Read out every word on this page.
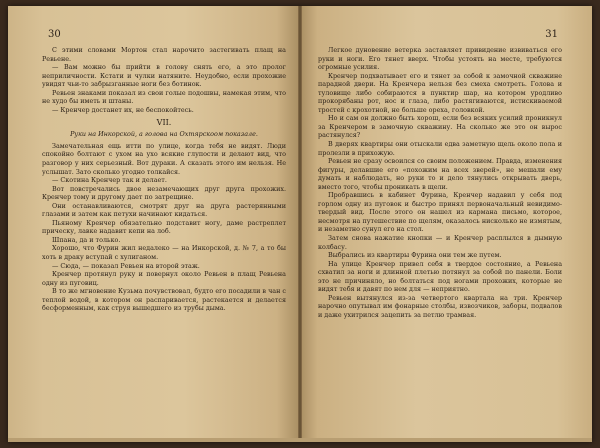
30

С этими словами Мортон стал нарочито застегивать плащ на Ревьене.

— Вам можно бы прийти в голову снять его, а это пролог неприличности. Кстати и чулки натяните. Неудобно, если прохожие увидят чьи-то забрызганные ноги без ботинок.

Ревьен знаками показал из свои голые подошвы, намекая этим, что не худо бы иметь и штаны.

— Кренчер достанет их, не беспокойтесь.

VII.

Руки на Инкорской, а голова на Охтярскоом показале.

Замечательная ещь итти по улице, когда тебя не видят. Люди спокойно болтают с ухом на ухо всякие глупости и делают вид, что разговор у них серьезный. Вот дураки. А сказать этого им нельзя. Не услышат. Зато сколько угодно толкайся.

— Скотина Кренчер так и делает.

Вот повстречались двое незамечающих друг друга прохожих. Кренчер тому и другому дает по затрещине.

Они останавливаются, смотрят друг на друга растерянными глазами и затем как петухи начинают кидаться.

Пьяному Кренчер обязательно подставит ногу, даме растреплет прическу, лавке надавит кепи на лоб.

Шпана, да и только.

Хорошо, что Фурин жил недалеко — на Инкорской, д. № 7, а то бы хоть в драку вступай с хулиганом.

— Сюда, — показал Ревьен на второй этаж.

Кренчер протянул руку и повернул около Ревьен в плащ Ревьена одну из пуговиц.

В то же мгновение Кузьма почувствовал, будто его посадили в чан с теплой водой, в котором он распаривается, растекается и делается бесформенным, как струя вышедшего из трубы дыма.

31

Легкое дуновение ветерка заставляет привидение извиваться его руки и ноги. Его тянет вверх. Чтобы устоять на месте, требуются огромные усилия.

Кренчер подхватывает его и тянет за собой к замочной скважине парадной двери. На Кренчера нельзя без смеха смотреть. Голова и туловище либо собираются в пунктир шар, на котором уродливо прокорябаны рот, нос и глаза, либо растягиваются, истискиваемой тростей с крохотной, не больше ореха, головкой.

Но и сам он должно быть хорош, если без всяких усилий проникнул за Кренчером в замочную скважину. На сколько же это он вырос растянулся?

В дверях квартиры они отыскали едва заметную щель около пола и пролезли в прихожую.

Ревьен не сразу освоился со своим положением. Правда, изменения фигуры, делавшие его «похожим на всех зверей», не мешали ему думать и наблюдать, но руки то и дело тянулись открывать дверь, вместо того, чтобы проникать в щели.

Пробравшись в кабинет Фурина, Кренчер надавил у себя под горлом одну из пуговок и быстро принял первоначальный невидимо-твердый вид. После этого он нашел из кармана письмо, которое, несмотря на путешествие по щелям, оказалось нисколько не измятым, и незаметно сунул его на стол.

Затем снова нажатие кнопки — и Кренчер расплылся в дымную колбасу.

Выбрались из квартиры Фурина они тем же путем.

На улице Кренчер привел себя в твердое состояние, а Ревьена схватил за ноги и длинной плетью потянул за собой по панели. Боли это не причиняло, но болтаться под ногами прохожих, которые не видят тебя и давят по нем для — неприятно.

Ревьен вытянулся из-за четвертого квартала на три. Кренчер нарочно опутывал им фонарные столбы, извозчиков, заборы, подвалов и даже ухитрился зацепить за петлю трамвая.
